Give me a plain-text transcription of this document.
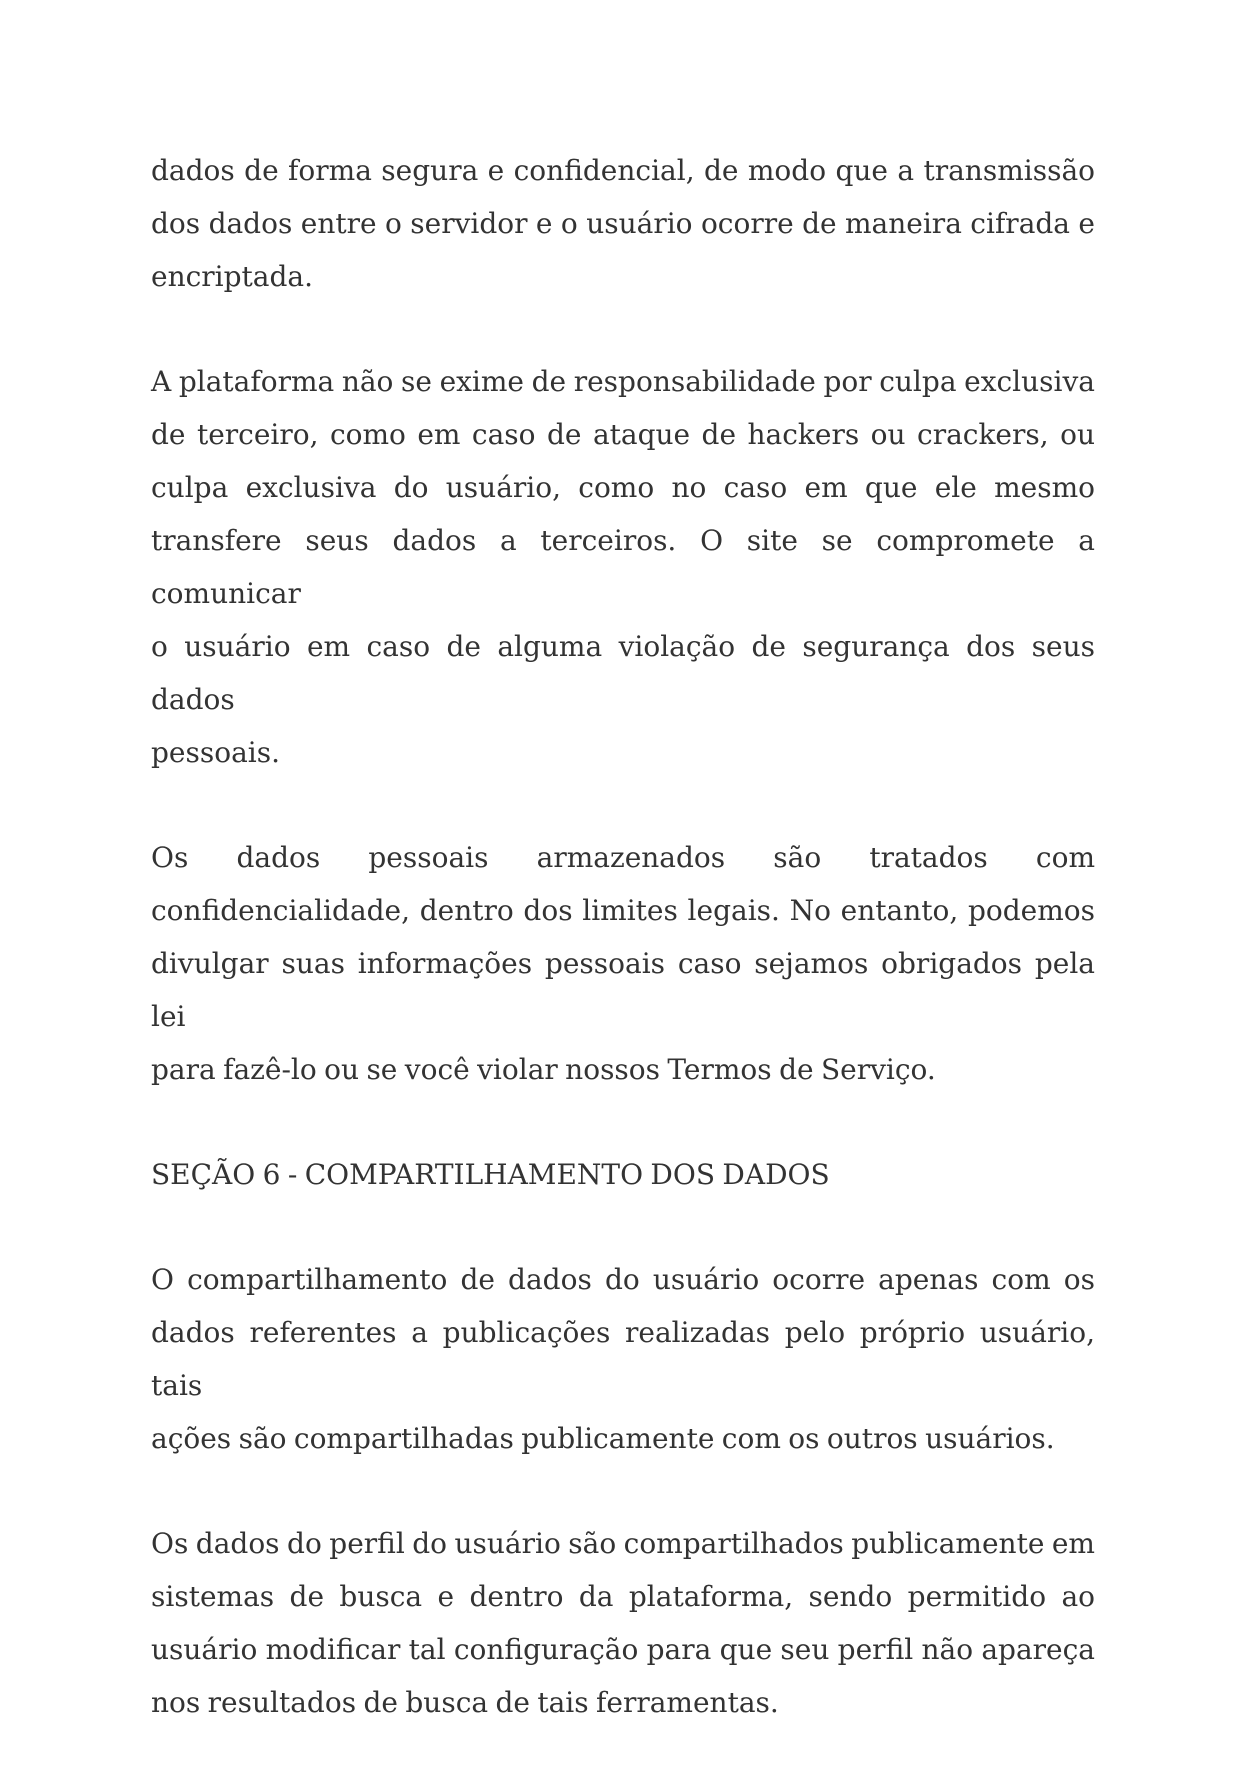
dados de forma segura e confidencial, de modo que a transmissão
dos dados entre o servidor e o usuário ocorre de maneira cifrada e
encriptada.
A plataforma não se exime de responsabilidade por culpa exclusiva
de terceiro, como em caso de ataque de hackers ou crackers, ou
culpa exclusiva do usuário, como no caso em que ele mesmo
transfere seus dados a terceiros. O site se compromete a comunicar
o usuário em caso de alguma violação de segurança dos seus dados
pessoais.
Os dados pessoais armazenados são tratados com
confidencialidade, dentro dos limites legais. No entanto, podemos
divulgar suas informações pessoais caso sejamos obrigados pela lei
para fazê-lo ou se você violar nossos Termos de Serviço.
SEÇÃO 6 - COMPARTILHAMENTO DOS DADOS
O compartilhamento de dados do usuário ocorre apenas com os
dados referentes a publicações realizadas pelo próprio usuário, tais
ações são compartilhadas publicamente com os outros usuários.
Os dados do perfil do usuário são compartilhados publicamente em
sistemas de busca e dentro da plataforma, sendo permitido ao
usuário modificar tal configuração para que seu perfil não apareça
nos resultados de busca de tais ferramentas.
